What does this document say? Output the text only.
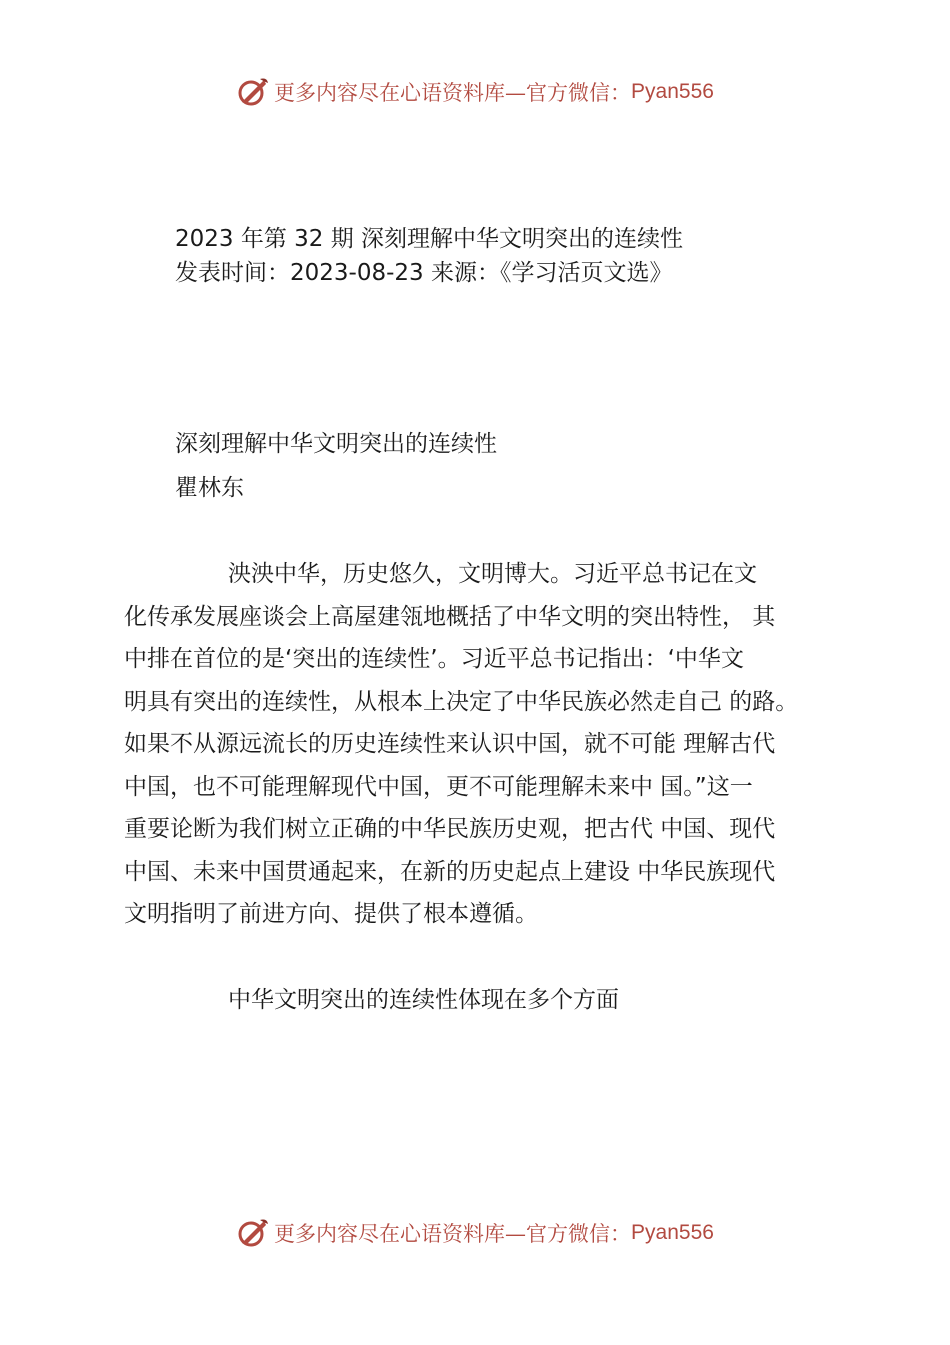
更多内容尽在心语资料库—官方微信： Pyan556
2023 年第 32 期 深刻理解中华文明突出的连续性
发表时间：2023-08-23 来源：《学习活页文选》
深刻理解中华文明突出的连续性
瞿林东
泱泱中华，历史悠久，文明博大。习近平总书记在文
化传承发展座谈会上高屋建瓴地概括了中华文明的突出特性， 其
中排在首位的是‘突出的连续性’。习近平总书记指出：‘中华文
明具有突出的连续性，从根本上决定了中华民族必然走自己 的路。
如果不从源远流长的历史连续性来认识中国，就不可能 理解古代
中国，也不可能理解现代中国，更不可能理解未来中 国。”这一
重要论断为我们树立正确的中华民族历史观，把古代 中国、现代
中国、未来中国贯通起来，在新的历史起点上建设 中华民族现代
文明指明了前进方向、提供了根本遵循。
中华文明突出的连续性体现在多个方面
更多内容尽在心语资料库—官方微信： Pyan556
